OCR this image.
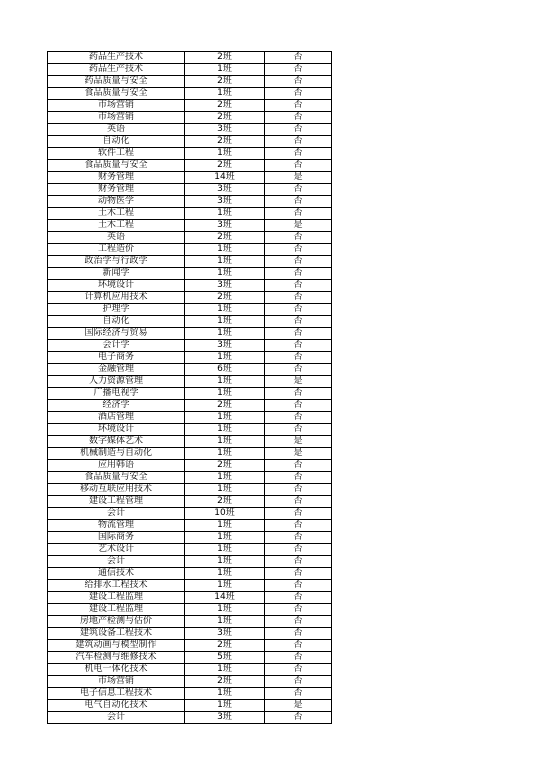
药品生产技术	2班	否
药品生产技术	1班	否
药品质量与安全	2班	否
食品质量与安全	1班	否
市场营销	2班	否
市场营销	2班	否
英语	3班	否
自动化	2班	否
软件工程	1班	否
食品质量与安全	2班	否
财务管理	14班	是
财务管理	3班	否
动物医学	3班	否
土木工程	1班	否
土木工程	3班	是
英语	2班	否
工程造价	1班	否
政治学与行政学	1班	否
新闻学	1班	否
环境设计	3班	否
计算机应用技术	2班	否
护理学	1班	否
自动化	1班	否
国际经济与贸易	1班	否
会计学	3班	否
电子商务	1班	否
金融管理	6班	否
人力资源管理	1班	是
广播电视学	1班	否
经济学	2班	否
酒店管理	1班	否
环境设计	1班	否
数字媒体艺术	1班	是
机械制造与自动化	1班	是
应用韩语	2班	否
食品质量与安全	1班	否
移动互联应用技术	1班	否
建设工程管理	2班	否
会计	10班	否
物流管理	1班	否
国际商务	1班	否
艺术设计	1班	否
会计	1班	否
通信技术	1班	否
给排水工程技术	1班	否
建设工程监理	14班	否
建设工程监理	1班	否
房地产检测与估价	1班	否
建筑设备工程技术	3班	否
建筑动画与模型制作	2班	否
汽车检测与维修技术	5班	否
机电一体化技术	1班	否
市场营销	2班	否
电子信息工程技术	1班	否
电气自动化技术	1班	是
会计	3班	否
